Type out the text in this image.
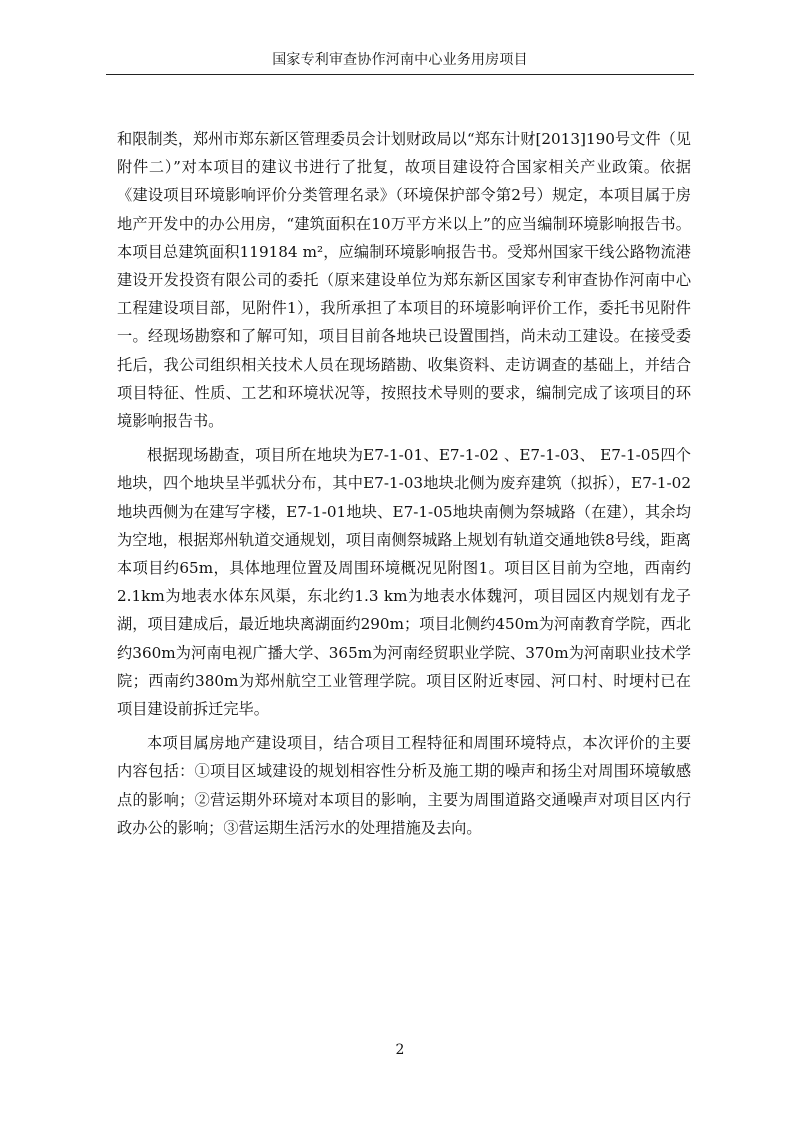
国家专利审查协作河南中心业务用房项目

和限制类，郑州市郑东新区管理委员会计划财政局以“郑东计财[2013]190号文件（见附件二）”对本项目的建议书进行了批复，故项目建设符合国家相关产业政策。依据《建设项目环境影响评价分类管理名录》（环境保护部令第2号）规定，本项目属于房地产开发中的办公用房，“建筑面积在10万平方米以上”的应当编制环境影响报告书。本项目总建筑面积119184 m²，应编制环境影响报告书。受郑州国家干线公路物流港建设开发投资有限公司的委托（原来建设单位为郑东新区国家专利审查协作河南中心工程建设项目部，见附件1），我所承担了本项目的环境影响评价工作，委托书见附件一。经现场勘察和了解可知，项目目前各地块已设置围挡，尚未动工建设。在接受委托后，我公司组织相关技术人员在现场踏勘、收集资料、走访调查的基础上，并结合项目特征、性质、工艺和环境状况等，按照技术导则的要求，编制完成了该项目的环境影响报告书。

根据现场勘查，项目所在地块为E7-1-01、E7-1-02 、E7-1-03、 E7-1-05四个地块，四个地块呈半弧状分布，其中E7-1-03地块北侧为废弃建筑（拟拆），E7-1-02地块西侧为在建写字楼，E7-1-01地块、E7-1-05地块南侧为祭城路（在建），其余均为空地，根据郑州轨道交通规划，项目南侧祭城路上规划有轨道交通地铁8号线，距离本项目约65m，具体地理位置及周围环境概况见附图1。项目区目前为空地，西南约2.1km为地表水体东风渠，东北约1.3 km为地表水体魏河，项目园区内规划有龙子湖，项目建成后，最近地块离湖面约290m；项目北侧约450m为河南教育学院，西北约360m为河南电视广播大学、365m为河南经贸职业学院、370m为河南职业技术学院；西南约380m为郑州航空工业管理学院。项目区附近枣园、河口村、时埂村已在项目建设前拆迁完毕。

本项目属房地产建设项目，结合项目工程特征和周围环境特点，本次评价的主要内容包括：①项目区域建设的规划相容性分析及施工期的噪声和扬尘对周围环境敏感点的影响；②营运期外环境对本项目的影响，主要为周围道路交通噪声对项目区内行政办公的影响；③营运期生活污水的处理措施及去向。

2
